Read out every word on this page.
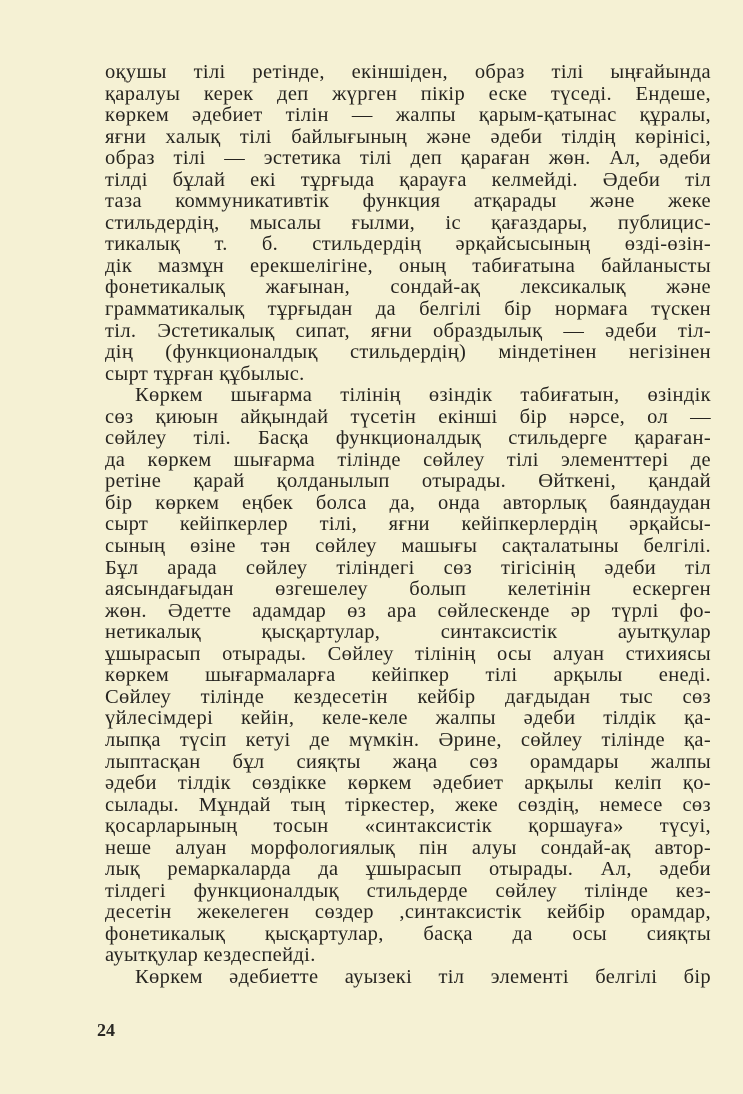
оқушы тілі ретінде, екіншіден, образ тілі ыңғайында
қаралуы керек деп жүрген пікір еске түседі. Ендеше,
көркем әдебиет тілін — жалпы қарым-қатынас құралы,
яғни халық тілі байлығының және әдеби тілдің көрінісі,
образ тілі — эстетика тілі деп қараған жөн. Ал, әдеби
тілді бұлай екі тұрғыда қарауға келмейді. Әдеби тіл
таза коммуникативтік функция атқарады және жеке
стильдердің, мысалы ғылми, іс қағаздары, публицис-
тикалық т. б. стильдердің әрқайсысының өзді-өзін-
дік мазмұн ерекшелігіне, оның табиғатына байланысты
фонетикалық жағынан, сондай-ақ лексикалық және
грамматикалық тұрғыдан да белгілі бір нормаға түскен
тіл. Эстетикалық сипат, яғни образдылық — әдеби тіл-
дің (функционалдық стильдердің) міндетінен негізінен
сырт тұрған құбылыс.
Көркем шығарма тілінің өзіндік табиғатын, өзіндік
сөз қиюын айқындай түсетін екінші бір нәрсе, ол —
сөйлеу тілі. Басқа функционалдық стильдерге қараған-
да көркем шығарма тілінде сөйлеу тілі элементтері де
ретіне қарай қолданылып отырады. Өйткені, қандай
бір көркем еңбек болса да, онда авторлық баяндаудан
сырт кейіпкерлер тілі, яғни кейіпкерлердің әрқайсы-
сының өзіне тән сөйлеу машығы сақталатыны белгілі.
Бұл арада сөйлеу тіліндегі сөз тігісінің әдеби тіл
аясындағыдан өзгешелеу болып келетінін ескерген
жөн. Әдетте адамдар өз ара сөйлескенде әр түрлі фо-
нетикалық қысқартулар, синтаксистік ауытқулар
ұшырасып отырады. Сөйлеу тілінің осы алуан стихиясы
көркем шығармаларға кейіпкер тілі арқылы енеді.
Сөйлеу тілінде кездесетін кейбір дағдыдан тыс сөз
үйлесімдері кейін, келе-келе жалпы әдеби тілдік қа-
лыпқа түсіп кетуі де мүмкін. Әрине, сөйлеу тілінде қа-
лыптасқан бұл сияқты жаңа сөз орамдары жалпы
әдеби тілдік сөздікке көркем әдебиет арқылы келіп қо-
сылады. Мұндай тың тіркестер, жеке сөздің, немесе сөз
қосарларының тосын «синтаксистік қоршауға» түсуі,
неше алуан морфологиялық пін алуы сондай-ақ автор-
лық ремаркаларда да ұшырасып отырады. Ал, әдеби
тілдегі функционалдық стильдерде сөйлеу тілінде кез-
десетін жекелеген сөздер ,синтаксистік кейбір орамдар,
фонетикалық қысқартулар, басқа да осы сияқты
ауытқулар кездеспейді.
Көркем әдебиетте ауызекі тіл элементі белгілі бір
24
